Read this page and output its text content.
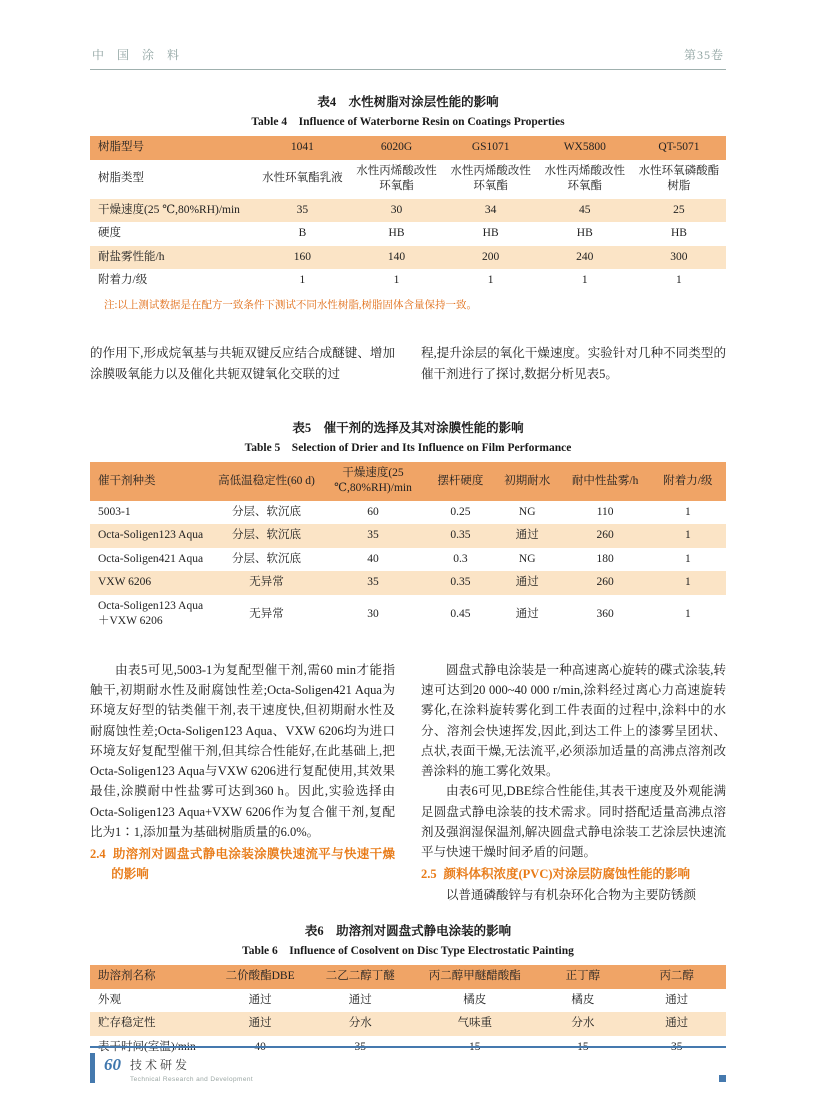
中 国 涂 料	第35卷
表4　水性树脂对涂层性能的影响
Table 4　Influence of Waterborne Resin on Coatings Properties
树脂型号	1041	6020G	GS1071	WX5800	QT-5071
树脂类型	水性环氧酯乳液	水性丙烯酸改性环氧酯	水性丙烯酸改性环氧酯	水性丙烯酸改性环氧酯	水性环氧磷酸酯树脂
干燥速度(25 ℃,80%RH)/min	35	30	34	45	25
硬度	B	HB	HB	HB	HB
耐盐雾性能/h	160	140	200	240	300
附着力/级	1	1	1	1	1
注:以上测试数据是在配方一致条件下测试不同水性树脂,树脂固体含量保持一致。

的作用下,形成烷氧基与共轭双键反应结合成醚键、增加涂膜吸氧能力以及催化共轭双键氧化交联的过

程,提升涂层的氧化干燥速度。实验针对几种不同类型的催干剂进行了探讨,数据分析见表5。

表5　催干剂的选择及其对涂膜性能的影响
Table 5　Selection of Drier and Its Influence on Film Performance
催干剂种类	高低温稳定性(60 d)	干燥速度(25 ℃,80%RH)/min	摆杆硬度	初期耐水	耐中性盐雾/h	附着力/级
5003-1	分层、软沉底	60	0.25	NG	110	1
Octa-Soligen123 Aqua	分层、软沉底	35	0.35	通过	260	1
Octa-Soligen421 Aqua	分层、软沉底	40	0.3	NG	180	1
VXW 6206	无异常	35	0.35	通过	260	1
Octa-Soligen123 Aqua ＋VXW 6206	无异常	30	0.45	通过	360	1

由表5可见,5003-1为复配型催干剂,需60 min才能指触干,初期耐水性及耐腐蚀性差;Octa-Soligen421 Aqua为环境友好型的钴类催干剂,表干速度快,但初期耐水性及耐腐蚀性差;Octa-Soligen123 Aqua、VXW 6206均为进口环境友好复配型催干剂,但其综合性能好,在此基础上,把Octa-Soligen123 Aqua与VXW 6206进行复配使用,其效果最佳,涂膜耐中性盐雾可达到360 h。因此,实验选择由Octa-Soligen123 Aqua+VXW 6206作为复合催干剂,复配比为1∶1,添加量为基础树脂质量的6.0%。

2.4 助溶剂对圆盘式静电涂装涂膜快速流平与快速干燥的影响

圆盘式静电涂装是一种高速离心旋转的碟式涂装,转速可达到20 000~40 000 r/min,涂料经过离心力高速旋转雾化,在涂料旋转雾化到工件表面的过程中,涂料中的水分、溶剂会快速挥发,因此,到达工件上的漆雾呈团状、点状,表面干燥,无法流平,必须添加适量的高沸点溶剂改善涂料的施工雾化效果。

由表6可见,DBE综合性能佳,其表干速度及外观能满足圆盘式静电涂装的技术需求。同时搭配适量高沸点溶剂及强润湿保温剂,解决圆盘式静电涂装工艺涂层快速流平与快速干燥时间矛盾的问题。

2.5 颜料体积浓度(PVC)对涂层防腐蚀性能的影响

以普通磷酸锌与有机杂环化合物为主要防锈颜

表6　助溶剂对圆盘式静电涂装的影响
Table 6　Influence of Cosolvent on Disc Type Electrostatic Painting
助溶剂名称	二价酸酯DBE	二乙二醇丁醚	丙二醇甲醚醋酸酯	正丁醇	丙二醇
外观	通过	通过	橘皮	橘皮	通过
贮存稳定性	通过	分水	气味重	分水	通过
表干时间(室温)/min	40	35	15	15	35
60 技术研发
Technical Research and Development
